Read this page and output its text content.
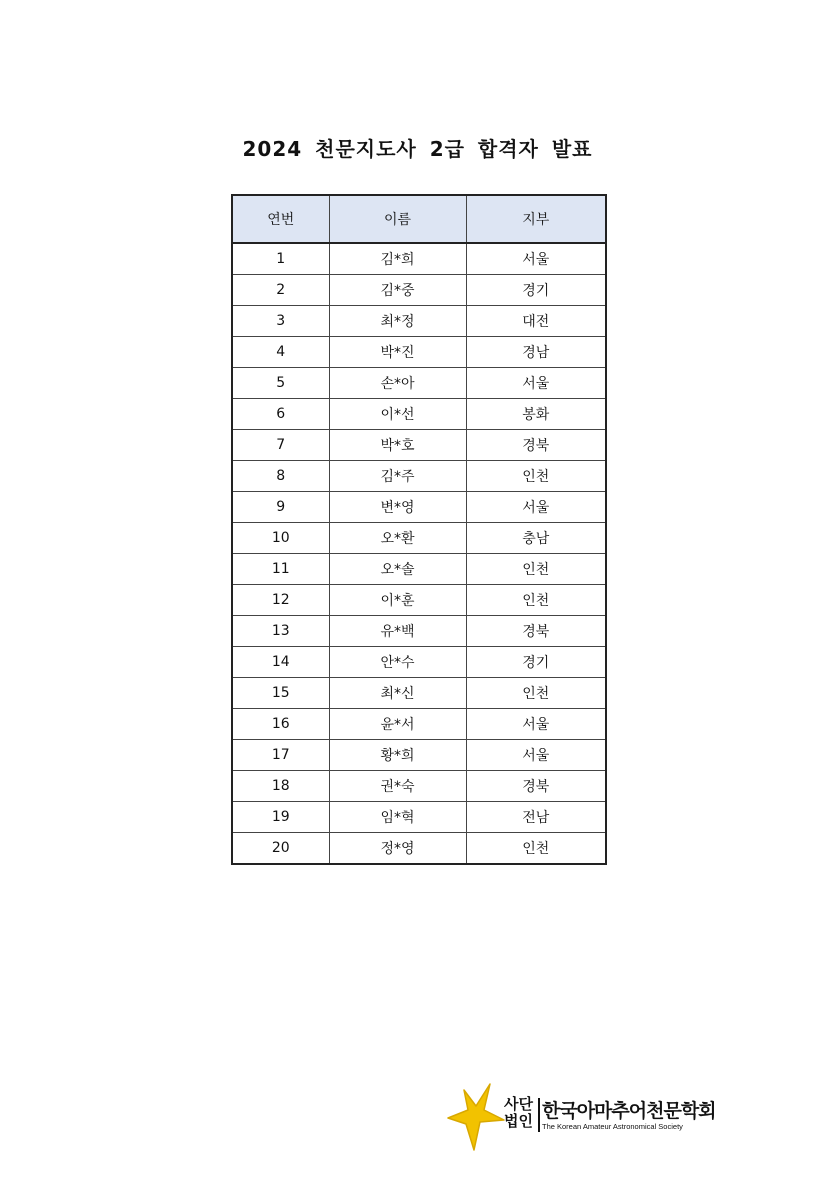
2024 천문지도사 2급 합격자 발표
연번	이름	지부
1	김*희	서울
2	김*중	경기
3	최*정	대전
4	박*진	경남
5	손*아	서울
6	이*선	봉화
7	박*호	경북
8	김*주	인천
9	변*영	서울
10	오*환	충남
11	오*솔	인천
12	이*훈	인천
13	유*백	경북
14	안*수	경기
15	최*신	인천
16	윤*서	서울
17	황*희	서울
18	권*숙	경북
19	임*혁	전남
20	정*영	인천
사단
법인 한국아마추어천문학회
The Korean Amateur Astronomical Society
